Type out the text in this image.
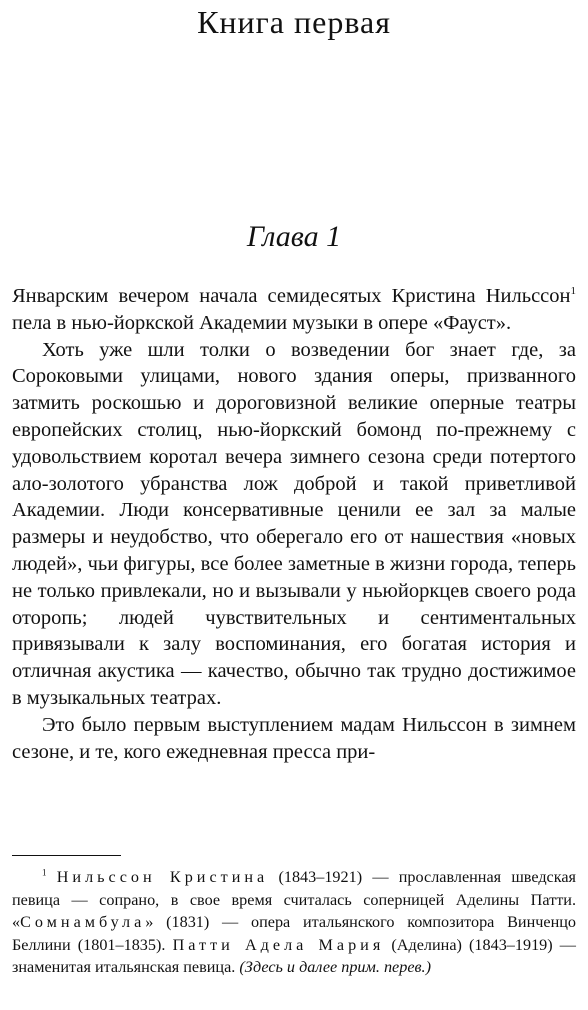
Книга первая
Глава 1

Январским вечером начала семидесятых Кристина Нильссон$^1$ пела в нью-йоркской Академии музыки в опере «Фауст».

Хоть уже шли толки о возведении бог знает где, за Сороковыми улицами, нового здания оперы, призванного затмить роскошью и дороговизной великие оперные театры европейских столиц, нью-йоркский бомонд по-прежнему с удовольствием коротал вечера зимнего сезона среди потертого ало-золотого убранства лож доброй и такой приветливой Академии. Люди консервативные ценили ее зал за малые размеры и неудобство, что оберегало его от нашествия «новых людей», чьи фигуры, все более заметные в жизни города, теперь не только привлекали, но и вызывали у ньюйоркцев своего рода оторопь; людей чувствительных и сентиментальных привязывали к залу воспоминания, его богатая история и отличная акустика — качество, обычно так трудно достижимое в музыкальных театрах.

Это было первым выступлением мадам Нильссон в зимнем сезоне, и те, кого ежедневная пресса при-

$^1$ Нильссон Кристина (1843–1921) — прославленная шведская певица — сопрано, в свое время считалась соперницей Аделины Патти. «Сомнамбула» (1831) — опера итальянского композитора Винченцо Беллини (1801–1835). Патти Адела Мария (Аделина) (1843–1919) — знаменитая итальянская певица. (Здесь и далее прим. перев.)
